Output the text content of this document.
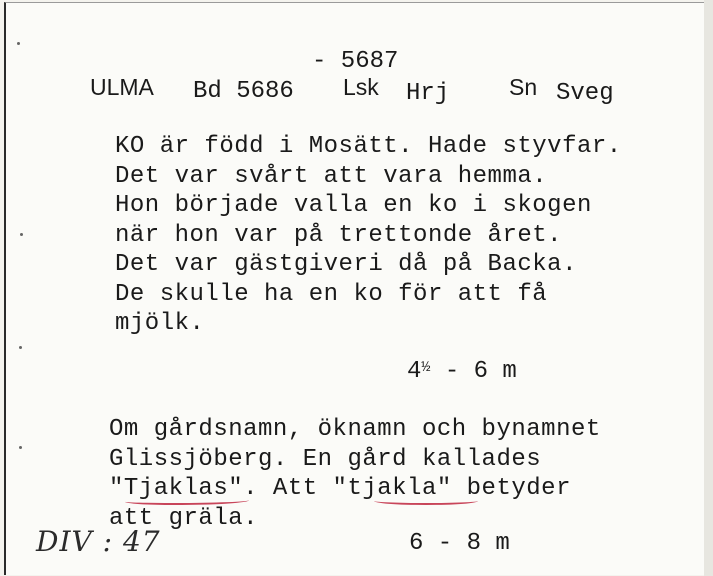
- 5687
ULMA Bd 5686 Lsk Hrj	Sn Sveg
KO är född i Mosätt. Hade styvfar.
Det var svårt att vara hemma.
Hon började valla en ko i skogen
när hon var på trettonde året.
Det var gästgiveri då på Backa.
De skulle ha en ko för att få
mjölk.
$4^{\frac{1}{2}} - 6$ m
Om gårdsnamn, öknamn och bynamnet
Glissjöberg. En gård kallades
"Tjaklas". Att "tjakla" betyder
att gräla.
6 - 8 m
DIV : 47
